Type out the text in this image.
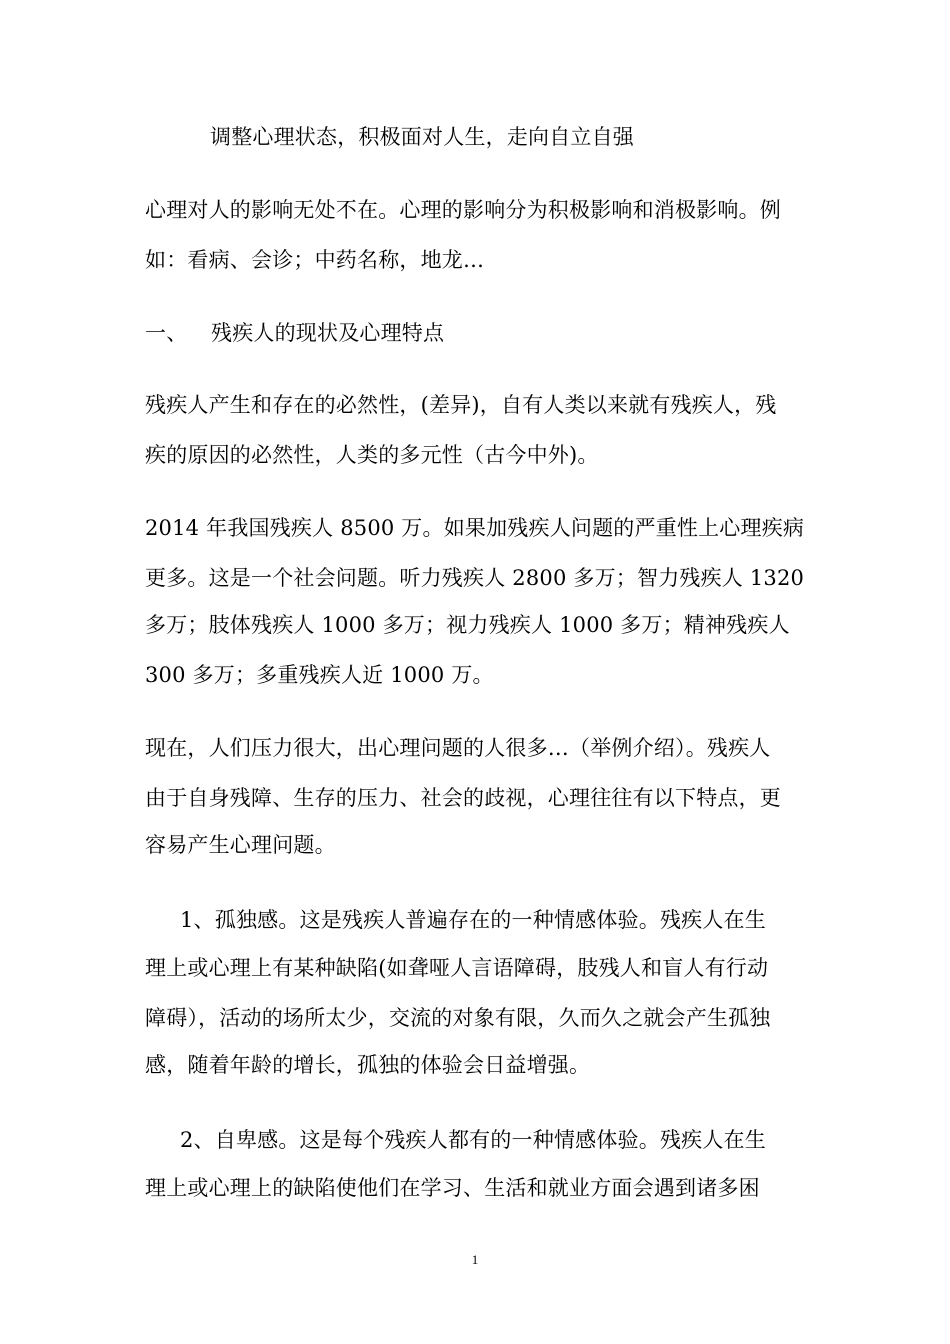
调整心理状态，积极面对人生，走向自立自强
心理对人的影响无处不在。心理的影响分为积极影响和消极影响。例
如：看病、会诊；中药名称，地龙…
一、 残疾人的现状及心理特点
残疾人产生和存在的必然性，(差异)，自有人类以来就有残疾人，残
疾的原因的必然性，人类的多元性（古今中外)。
2014 年我国残疾人 8500 万。如果加残疾人问题的严重性上心理疾病
更多。这是一个社会问题。听力残疾人 2800 多万；智力残疾人 1320
多万；肢体残疾人 1000 多万；视力残疾人 1000 多万；精神残疾人
300 多万；多重残疾人近 1000 万。
现在，人们压力很大，出心理问题的人很多…（举例介绍）。残疾人
由于自身残障、生存的压力、社会的歧视，心理往往有以下特点，更
容易产生心理问题。
1、孤独感。这是残疾人普遍存在的一种情感体验。残疾人在生
理上或心理上有某种缺陷(如聋哑人言语障碍，肢残人和盲人有行动
障碍），活动的场所太少，交流的对象有限，久而久之就会产生孤独
感，随着年龄的增长，孤独的体验会日益增强。
2、自卑感。这是每个残疾人都有的一种情感体验。残疾人在生
理上或心理上的缺陷使他们在学习、生活和就业方面会遇到诸多困
1
